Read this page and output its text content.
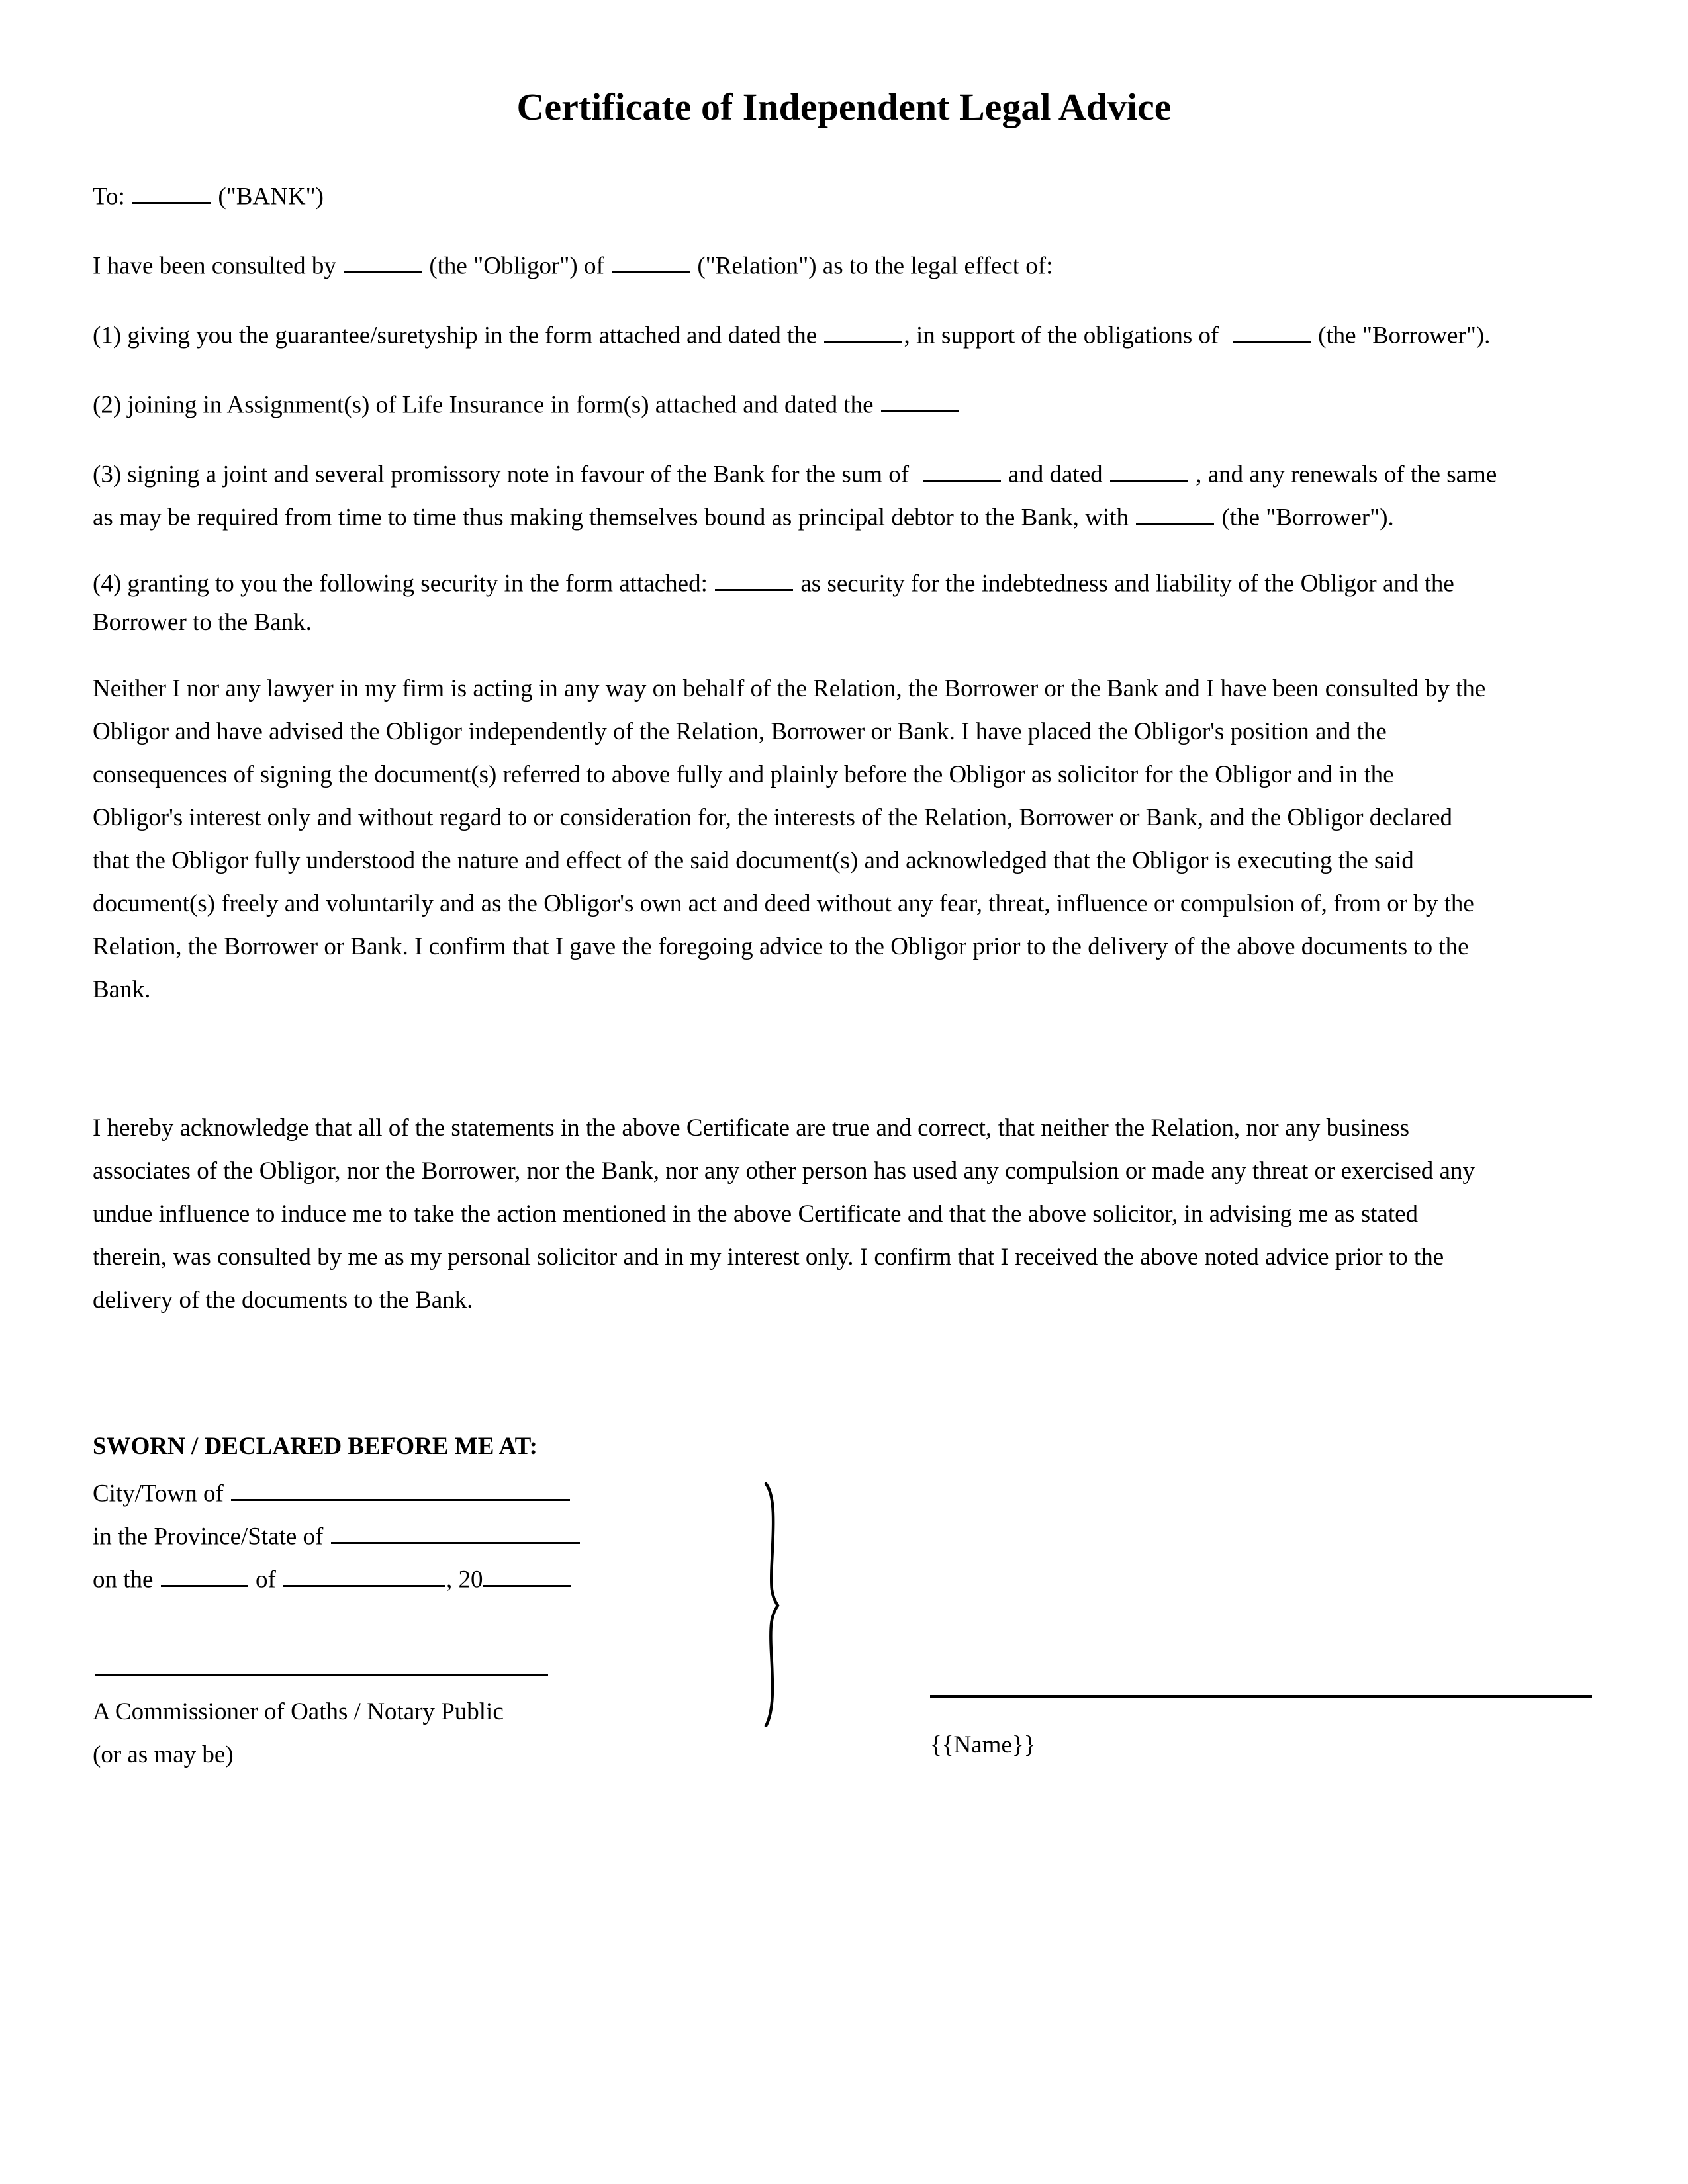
Certificate of Independent Legal Advice
To:	("BANK")
I have been consulted by	(the "Obligor") of	("Relation") as to the legal effect of:
(1) giving you the guarantee/suretyship in the form attached and dated the	, in support of the obligations of	(the "Borrower").
(2) joining in Assignment(s) of Life Insurance in form(s) attached and dated the
(3) signing a joint and several promissory note in favour of the Bank for the sum of	and dated	, and any renewals of the same
as may be required from time to time thus making themselves bound as principal debtor to the Bank, with	(the "Borrower").
(4) granting to you the following security in the form attached:	as security for the indebtedness and liability of the Obligor and the
Borrower to the Bank.
Neither I nor any lawyer in my firm is acting in any way on behalf of the Relation, the Borrower or the Bank and I have been consulted by the
Obligor and have advised the Obligor independently of the Relation, Borrower or Bank. I have placed the Obligor's position and the
consequences of signing the document(s) referred to above fully and plainly before the Obligor as solicitor for the Obligor and in the
Obligor's interest only and without regard to or consideration for, the interests of the Relation, Borrower or Bank, and the Obligor declared
that the Obligor fully understood the nature and effect of the said document(s) and acknowledged that the Obligor is executing the said
document(s) freely and voluntarily and as the Obligor's own act and deed without any fear, threat, influence or compulsion of, from or by the
Relation, the Borrower or Bank. I confirm that I gave the foregoing advice to the Obligor prior to the delivery of the above documents to the
Bank.
I hereby acknowledge that all of the statements in the above Certificate are true and correct, that neither the Relation, nor any business
associates of the Obligor, nor the Borrower, nor the Bank, nor any other person has used any compulsion or made any threat or exercised any
undue influence to induce me to take the action mentioned in the above Certificate and that the above solicitor, in advising me as stated
therein, was consulted by me as my personal solicitor and in my interest only. I confirm that I received the above noted advice prior to the
delivery of the documents to the Bank.
SWORN / DECLARED BEFORE ME AT:
City/Town of
in the Province/State of
on the	of	, 20
A Commissioner of Oaths / Notary Public
(or as may be)	{{Name}}
